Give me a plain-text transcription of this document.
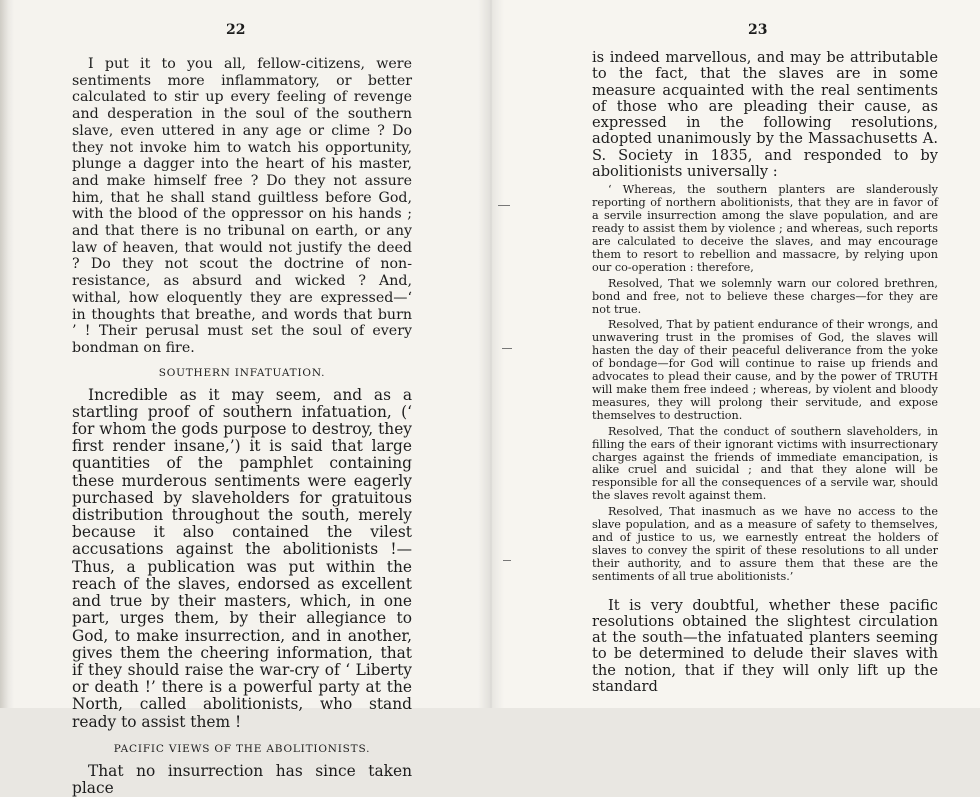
22

I put it to you all, fellow-citizens, were sentiments more inflammatory, or better calculated to stir up every feeling of revenge and desperation in the soul of the southern slave, even uttered in any age or clime ? Do they not invoke him to watch his opportunity, plunge a dagger into the heart of his master, and make himself free ? Do they not assure him, that he shall stand guiltless before God, with the blood of the oppressor on his hands ; and that there is no tribunal on earth, or any law of heaven, that would not justify the deed ? Do they not scout the doctrine of non-resistance, as absurd and wicked ? And, withal, how eloquently they are expressed—‘ in thoughts that breathe, and words that burn ’ ! Their perusal must set the soul of every bondman on fire.

SOUTHERN INFATUATION.

Incredible as it may seem, and as a startling proof of southern infatuation, (‘ for whom the gods purpose to destroy, they first render insane,’) it is said that large quantities of the pamphlet containing these murderous sentiments were eagerly purchased by slaveholders for gratuitous distribution throughout the south, merely because it also contained the vilest accusations against the abolitionists !—Thus, a publication was put within the reach of the slaves, endorsed as excellent and true by their masters, which, in one part, urges them, by their allegiance to God, to make insurrection, and in another, gives them the cheering information, that if they should raise the war-cry of ‘ Liberty or death !’ there is a powerful party at the North, called abolitionists, who stand ready to assist them !

PACIFIC VIEWS OF THE ABOLITIONISTS.

That no insurrection has since taken place

23

is indeed marvellous, and may be attributable to the fact, that the slaves are in some measure acquainted with the real sentiments of those who are pleading their cause, as expressed in the following resolutions, adopted unanimously by the Massachusetts A. S. Society in 1835, and responded to by abolitionists universally :

‘ Whereas, the southern planters are slanderously reporting of northern abolitionists, that they are in favor of a servile insurrection among the slave population, and are ready to assist them by violence ; and whereas, such reports are calculated to deceive the slaves, and may encourage them to resort to rebellion and massacre, by relying upon our co-operation : therefore,

Resolved, That we solemnly warn our colored brethren, bond and free, not to believe these charges—for they are not true.

Resolved, That by patient endurance of their wrongs, and unwavering trust in the promises of God, the slaves will hasten the day of their peaceful deliverance from the yoke of bondage—for God will continue to raise up friends and advocates to plead their cause, and by the power of TRUTH will make them free indeed ; whereas, by violent and bloody measures, they will prolong their servitude, and expose themselves to destruction.

Resolved, That the conduct of southern slaveholders, in filling the ears of their ignorant victims with insurrectionary charges against the friends of immediate emancipation, is alike cruel and suicidal ; and that they alone will be responsible for all the consequences of a servile war, should the slaves revolt against them.

Resolved, That inasmuch as we have no access to the slave population, and as a measure of safety to themselves, and of justice to us, we earnestly entreat the holders of slaves to convey the spirit of these resolutions to all under their authority, and to assure them that these are the sentiments of all true abolitionists.’

It is very doubtful, whether these pacific resolutions obtained the slightest circulation at the south—the infatuated planters seeming to be determined to delude their slaves with the notion, that if they will only lift up the standard
